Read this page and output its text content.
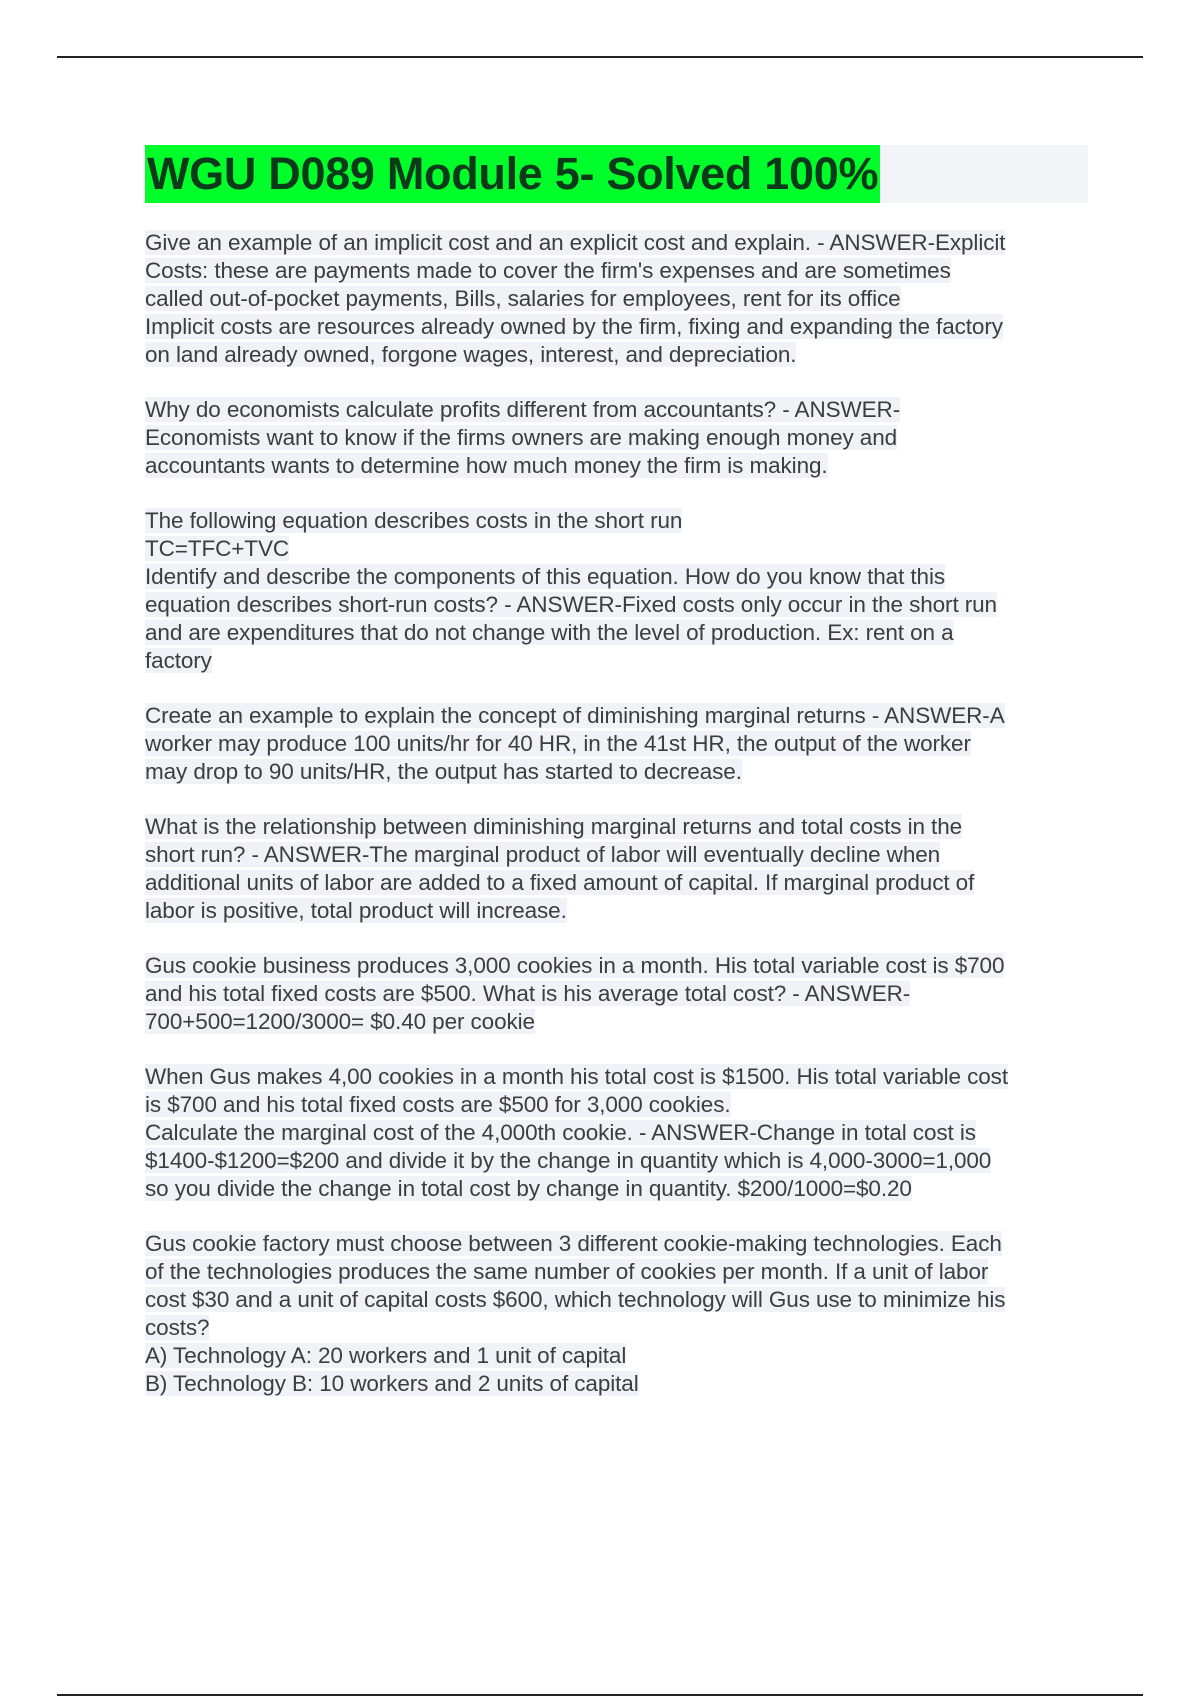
WGU D089 Module 5- Solved 100%
Give an example of an implicit cost and an explicit cost and explain. - ANSWER-Explicit
Costs: these are payments made to cover the firm's expenses and are sometimes
called out-of-pocket payments, Bills, salaries for employees, rent for its office
Implicit costs are resources already owned by the firm, fixing and expanding the factory
on land already owned, forgone wages, interest, and depreciation.
Why do economists calculate profits different from accountants? - ANSWER-
Economists want to know if the firms owners are making enough money and
accountants wants to determine how much money the firm is making.
The following equation describes costs in the short run
TC=TFC+TVC
Identify and describe the components of this equation. How do you know that this
equation describes short-run costs? - ANSWER-Fixed costs only occur in the short run
and are expenditures that do not change with the level of production. Ex: rent on a
factory
Create an example to explain the concept of diminishing marginal returns - ANSWER-A
worker may produce 100 units/hr for 40 HR, in the 41st HR, the output of the worker
may drop to 90 units/HR, the output has started to decrease.
What is the relationship between diminishing marginal returns and total costs in the
short run? - ANSWER-The marginal product of labor will eventually decline when
additional units of labor are added to a fixed amount of capital. If marginal product of
labor is positive, total product will increase.
Gus cookie business produces 3,000 cookies in a month. His total variable cost is $700
and his total fixed costs are $500. What is his average total cost? - ANSWER-
700+500=1200/3000= $0.40 per cookie
When Gus makes 4,00 cookies in a month his total cost is $1500. His total variable cost
is $700 and his total fixed costs are $500 for 3,000 cookies.
Calculate the marginal cost of the 4,000th cookie. - ANSWER-Change in total cost is
$1400-$1200=$200 and divide it by the change in quantity which is 4,000-3000=1,000
so you divide the change in total cost by change in quantity. $200/1000=$0.20
Gus cookie factory must choose between 3 different cookie-making technologies. Each
of the technologies produces the same number of cookies per month. If a unit of labor
cost $30 and a unit of capital costs $600, which technology will Gus use to minimize his
costs?
A) Technology A: 20 workers and 1 unit of capital
B) Technology B: 10 workers and 2 units of capital
